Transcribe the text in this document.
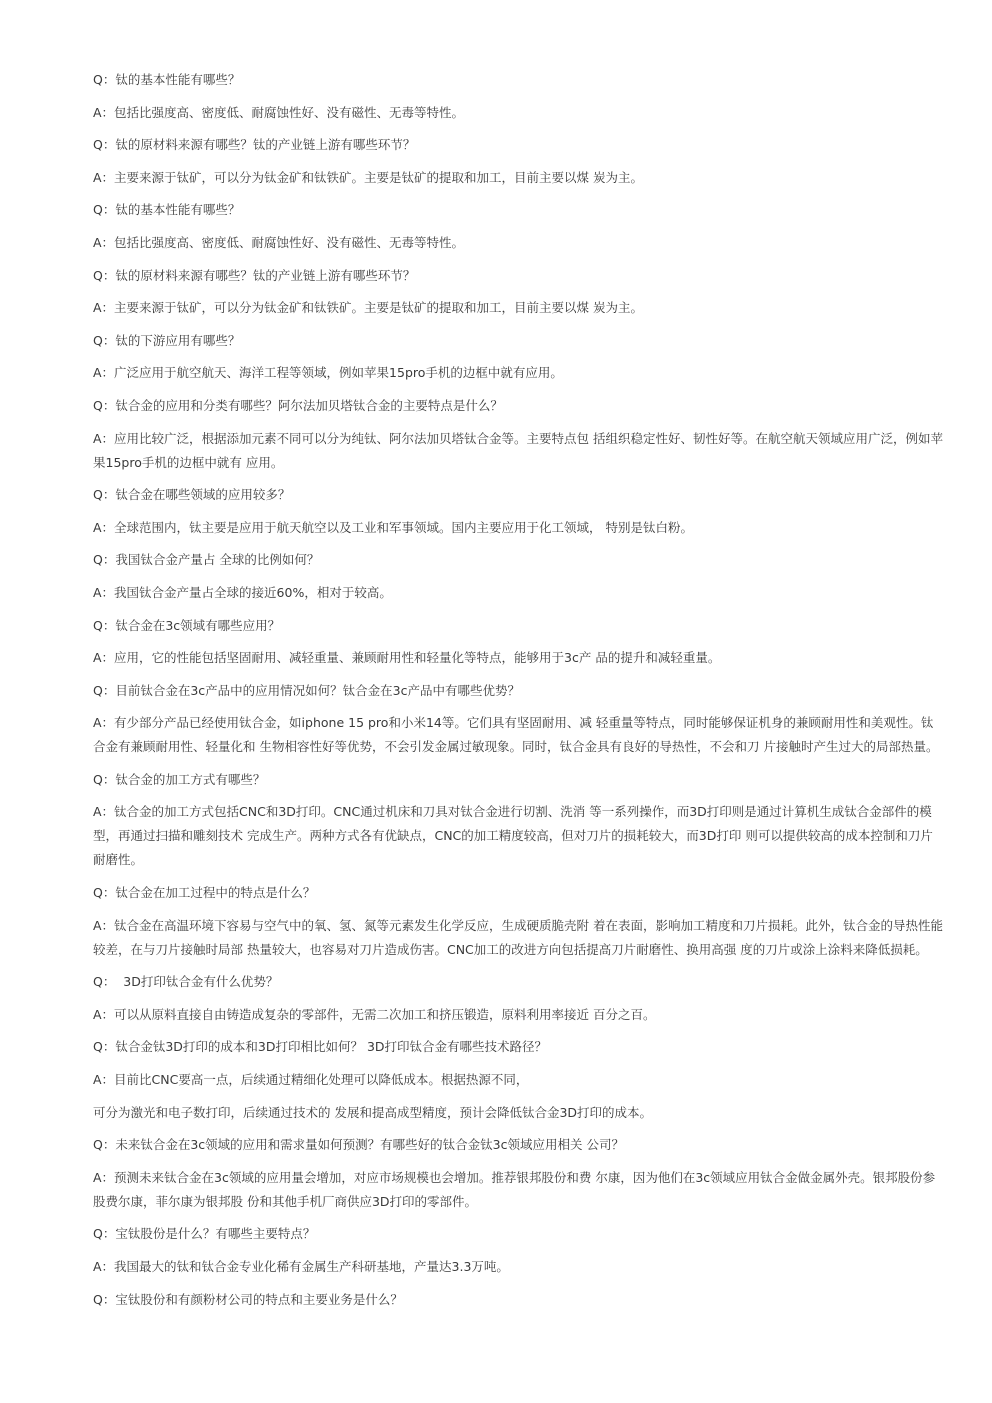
Q：钛的基本性能有哪些？

A：包括比强度高、密度低、耐腐蚀性好、没有磁性、无毒等特性。

Q：钛的原材料来源有哪些？钛的产业链上游有哪些环节？

A：主要来源于钛矿，可以分为钛金矿和钛铁矿。主要是钛矿的提取和加工，目前主要以煤 炭为主。

Q：钛的基本性能有哪些？

A：包括比强度高、密度低、耐腐蚀性好、没有磁性、无毒等特性。

Q：钛的原材料来源有哪些？钛的产业链上游有哪些环节？

A：主要来源于钛矿，可以分为钛金矿和钛铁矿。主要是钛矿的提取和加工，目前主要以煤 炭为主。

Q：钛的下游应用有哪些？

A：广泛应用于航空航天、海洋工程等领域，例如苹果15pro手机的边框中就有应用。

Q：钛合金的应用和分类有哪些？阿尔法加贝塔钛合金的主要特点是什么？

A：应用比较广泛，根据添加元素不同可以分为纯钛、阿尔法加贝塔钛合金等。主要特点包 括组织稳定性好、韧性好等。在航空航天领域应用广泛，例如苹果15pro手机的边框中就有 应用。

Q：钛合金在哪些领域的应用较多？

A：全球范围内，钛主要是应用于航天航空以及工业和军事领域。国内主要应用于化工领域， 特别是钛白粉。

Q：我国钛合金产量占 全球的比例如何？

A：我国钛合金产量占全球的接近60%，相对于较高。

Q：钛合金在3c领域有哪些应用？

A：应用，它的性能包括坚固耐用、减轻重量、兼顾耐用性和轻量化等特点，能够用于3c产 品的提升和减轻重量。

Q：目前钛合金在3c产品中的应用情况如何？钛合金在3c产品中有哪些优势？

A：有少部分产品已经使用钛合金，如iphone 15 pro和小米14等。它们具有坚固耐用、减 轻重量等特点，同时能够保证机身的兼顾耐用性和美观性。钛合金有兼顾耐用性、轻量化和 生物相容性好等优势，不会引发金属过敏现象。同时，钛合金具有良好的导热性，不会和刀 片接触时产生过大的局部热量。

Q：钛合金的加工方式有哪些？

A：钛合金的加工方式包括CNC和3D打印。CNC通过机床和刀具对钛合金进行切割、洗消 等一系列操作，而3D打印则是通过计算机生成钛合金部件的模型，再通过扫描和雕刻技术 完成生产。两种方式各有优缺点，CNC的加工精度较高，但对刀片的损耗较大，而3D打印 则可以提供较高的成本控制和刀片耐磨性。

Q：钛合金在加工过程中的特点是什么？

A：钛合金在高温环境下容易与空气中的氧、氢、氮等元素发生化学反应，生成硬质脆壳附 着在表面，影响加工精度和刀片损耗。此外，钛合金的导热性能较差，在与刀片接触时局部 热量较大，也容易对刀片造成伤害。CNC加工的改进方向包括提高刀片耐磨性、换用高强 度的刀片或涂上涂料来降低损耗。

Q：  3D打印钛合金有什么优势？

A：可以从原料直接自由铸造成复杂的零部件，无需二次加工和挤压锻造，原料利用率接近 百分之百。

Q：钛合金钛3D打印的成本和3D打印相比如何？ 3D打印钛合金有哪些技术路径？

A：目前比CNC要高一点，后续通过精细化处理可以降低成本。根据热源不同，

可分为激光和电子数打印，后续通过技术的 发展和提高成型精度，预计会降低钛合金3D打印的成本。

Q：未来钛合金在3c领域的应用和需求量如何预测？有哪些好的钛合金钛3c领域应用相关 公司？

A：预测未来钛合金在3c领域的应用量会增加，对应市场规模也会增加。推荐银邦股份和费 尔康，因为他们在3c领域应用钛合金做金属外壳。银邦股份参股费尔康，菲尔康为银邦股 份和其他手机厂商供应3D打印的零部件。

Q：宝钛股份是什么？有哪些主要特点？

A：我国最大的钛和钛合金专业化稀有金属生产科研基地，产量达3.3万吨。

Q：宝钛股份和有颜粉材公司的特点和主要业务是什么？
